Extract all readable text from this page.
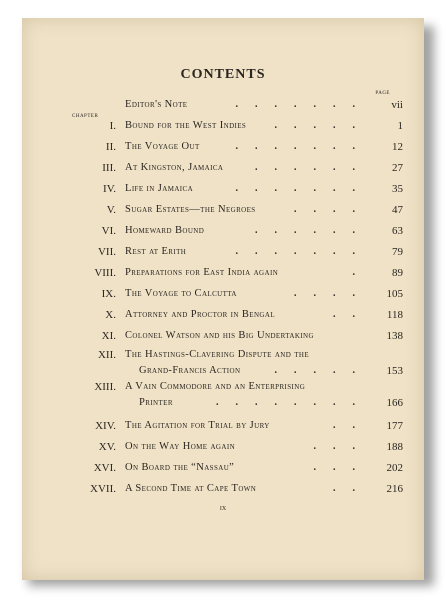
CONTENTS
PAGE
CHAPTER
Editor's Note	....... vii
I. Bound for the West Indies	..... 1
II. The Voyage Out	....... 12
III. At Kingston, Jamaica	...... 27
IV. Life in Jamaica	....... 35
V. Sugar Estates—the Negroes	.... 47
VI. Homeward Bound	...... 63
VII. Rest at Erith	....... 79
VIII. Preparations for East India again	. 89
IX. The Voyage to Calcutta	.... 105
X. Attorney and Proctor in Bengal	.. 118
XI. Colonel Watson and his Big Undertaking	138
XII. The Hastings-Clavering Dispute and the
Grand-Francis Action	..... 153
XIII. A Vain Commodore and an Enterprising
Printer	........ 166
XIV. The Agitation for Trial by Jury	.. 177
XV. On the Way Home again	... 188
XVI. On Board the “Nassau”	... 202
XVII. A Second Time at Cape Town	.. 216
ix
